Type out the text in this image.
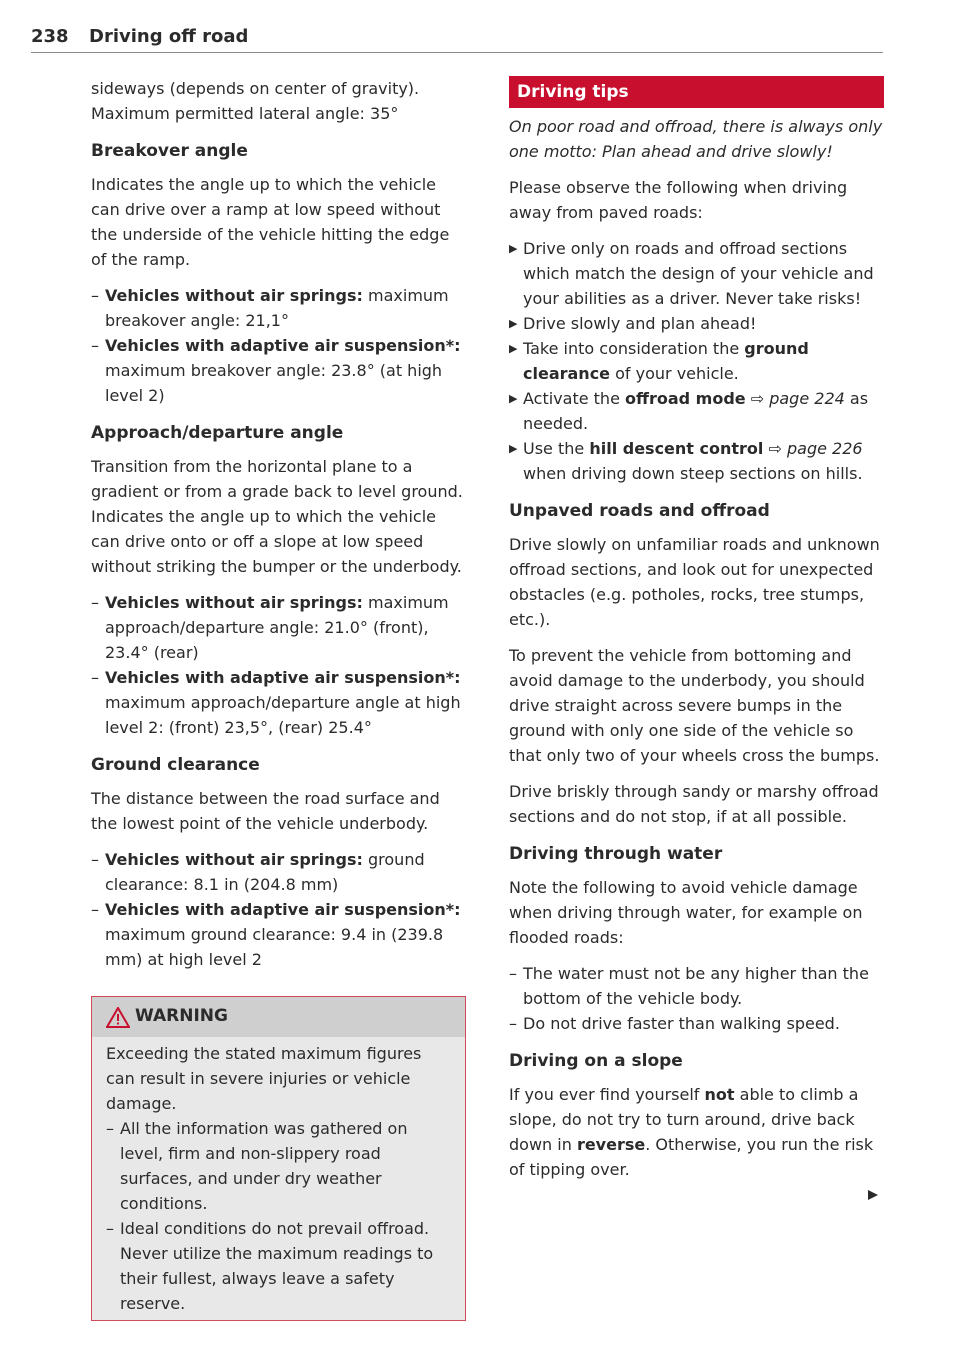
238 Driving off road

sideways (depends on center of gravity). Maximum permitted lateral angle: 35°

Breakover angle

Indicates the angle up to which the vehicle can drive over a ramp at low speed without the underside of the vehicle hitting the edge of the ramp.

– Vehicles without air springs: maximum breakover angle: 21,1°

– Vehicles with adaptive air suspension*:
maximum breakover angle: 23.8° (at high level 2)

Approach/departure angle

Transition from the horizontal plane to a gradient or from a grade back to level ground. Indicates the angle up to which the vehicle can drive onto or off a slope at low speed without striking the bumper or the underbody.

– Vehicles without air springs: maximum approach/departure angle: 21.0° (front), 23.4° (rear)

– Vehicles with adaptive air suspension*:
maximum approach/departure angle at high level 2: (front) 23,5°, (rear) 25.4°

Ground clearance

The distance between the road surface and the lowest point of the vehicle underbody.

– Vehicles without air springs: ground clearance: 8.1 in (204.8 mm)

– Vehicles with adaptive air suspension*:
maximum ground clearance: 9.4 in (239.8 mm) at high level 2

WARNING

Exceeding the stated maximum figures can result in severe injuries or vehicle damage.

– All the information was gathered on level, firm and non-slippery road surfaces, and under dry weather conditions.

– Ideal conditions do not prevail offroad. Never utilize the maximum readings to their fullest, always leave a safety reserve.

Driving tips

On poor road and offroad, there is always only one motto: Plan ahead and drive slowly!

Please observe the following when driving away from paved roads:

▶ Drive only on roads and offroad sections which match the design of your vehicle and your abilities as a driver. Never take risks!

▶ Drive slowly and plan ahead!

▶ Take into consideration the ground clearance of your vehicle.

▶ Activate the offroad mode ⇨ page 224 as needed.

▶ Use the hill descent control ⇨ page 226 when driving down steep sections on hills.

Unpaved roads and offroad

Drive slowly on unfamiliar roads and unknown offroad sections, and look out for unexpected obstacles (e.g. potholes, rocks, tree stumps, etc.).

To prevent the vehicle from bottoming and avoid damage to the underbody, you should drive straight across severe bumps in the ground with only one side of the vehicle so that only two of your wheels cross the bumps.

Drive briskly through sandy or marshy offroad sections and do not stop, if at all possible.

Driving through water

Note the following to avoid vehicle damage when driving through water, for example on flooded roads:

– The water must not be any higher than the bottom of the vehicle body.

– Do not drive faster than walking speed.

Driving on a slope

If you ever find yourself not able to climb a slope, do not try to turn around, drive back down in reverse. Otherwise, you run the risk of tipping over.
